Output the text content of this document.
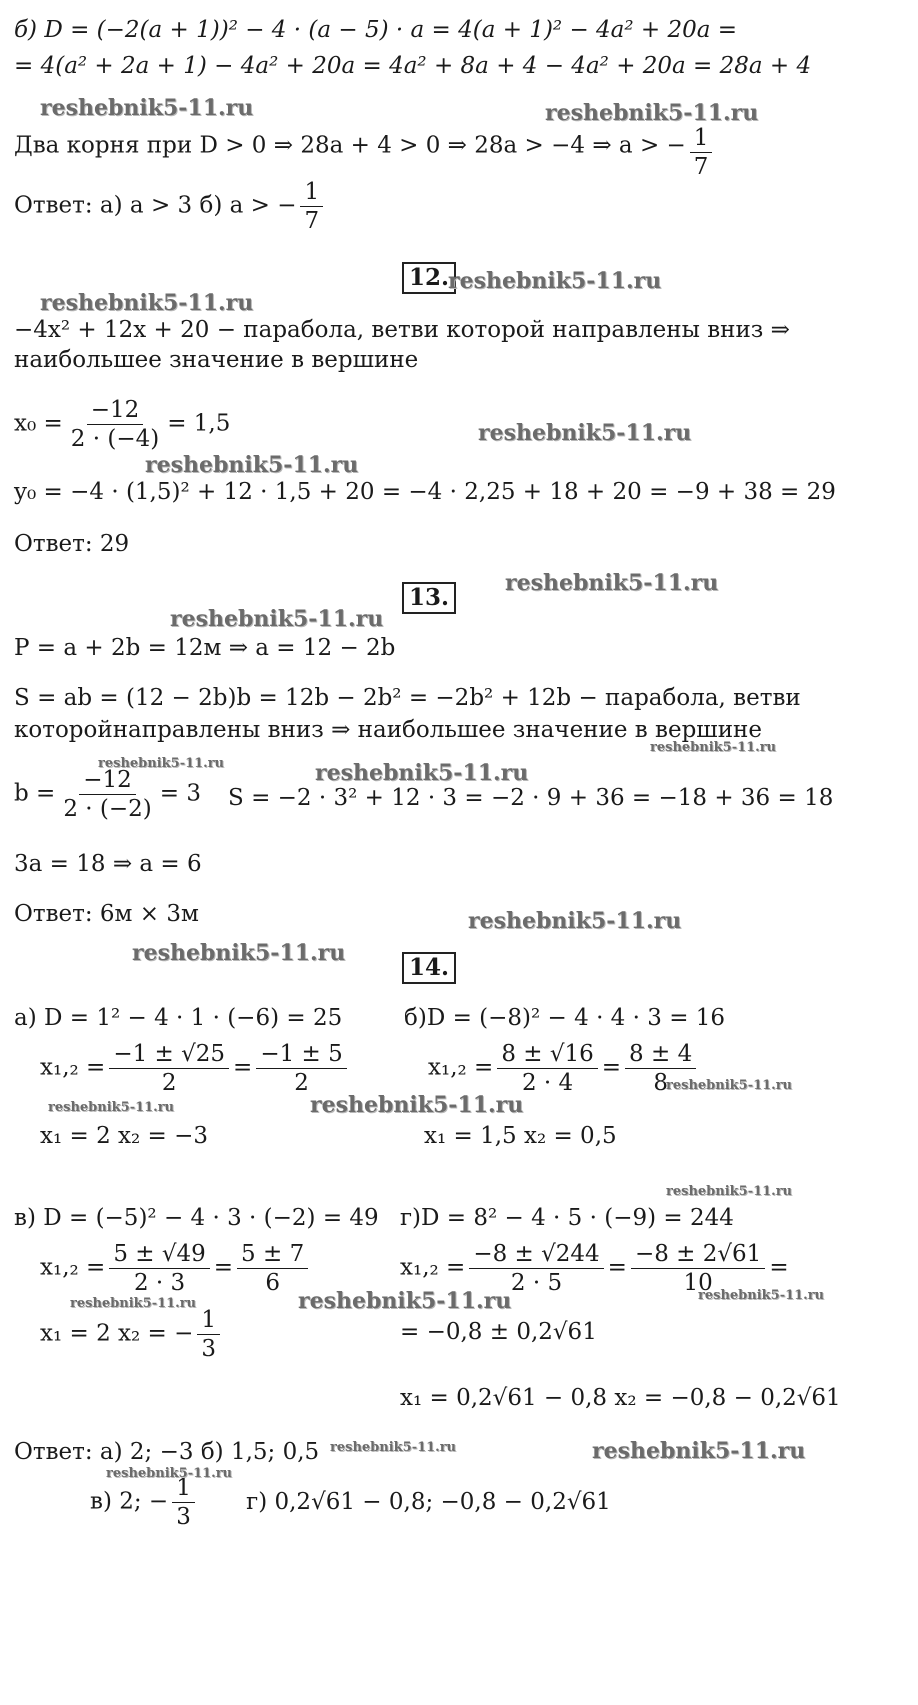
б) D = (−2(a + 1))² − 4 · (a − 5) · a = 4(a + 1)² − 4a² + 20a =
= 4(a² + 2a + 1) − 4a² + 20a = 4a² + 8a + 4 − 4a² + 20a = 28a + 4
Два корня при D > 0 ⇒ 28a + 4 > 0 ⇒ 28a > −4 ⇒ a > − $\frac{1}{7}$
Ответ: а) a > 3 б) a > − $\frac{1}{7}$
12.
−4x² + 12x + 20 − парабола, ветви которой направлены вниз ⇒
наибольшее значение в вершине
$x_0 = \frac{-12}{2 \cdot (-4)} = 1,5$
y₀ = −4 · (1,5)² + 12 · 1,5 + 20 = −4 · 2,25 + 18 + 20 = −9 + 38 = 29
Ответ: 29
13.
P = a + 2b = 12м ⇒ a = 12 − 2b
S = ab = (12 − 2b)b = 12b − 2b² = −2b² + 12b − парабола, ветви
которойнаправлены вниз ⇒ наибольшее значение в вершине
$b = \frac{-12}{2 \cdot (-2)} = 3$ S = −2 · 3² + 12 · 3 = −2 · 9 + 36 = −18 + 36 = 18
3a = 18 ⇒ a = 6
Ответ: 6м × 3м
14.
а) D = 1² − 4 · 1 · (−6) = 25
$x_1,_2 = \frac{-1 \pm √25}{2} = \frac{-1 \pm 5}{2}$
x₁ = 2 x₂ = −3
б)D = (−8)² − 4 · 4 · 3 = 16
$x_1,_2 = \frac{8 \pm √16}{2 \cdot 4} = \frac{8 \pm 4}{8}$
x₁ = 1,5 x₂ = 0,5
в) D = (−5)² − 4 · 3 · (−2) = 49
$x_1,_2 = \frac{5 \pm √49}{2 \cdot 3} = \frac{5 \pm 7}{6}$
x₁ = 2 x₂ = − $\frac{1}{3}$
г)D = 8² − 4 · 5 · (−9) = 244
$x_1,_2 = \frac{-8 \pm √244}{2 \cdot 5} = \frac{-8 \pm 2√61}{10}$ =
= −0,8 ± 0,2√61
x₁ = 0,2√61 − 0,8 x₂ = −0,8 − 0,2√61
Ответ: а) 2; −3 б) 1,5; 0,5
в) 2; − $\frac{1}{3} г$) 0,2√61 − 0,8; −0,8 − 0,2√61
reshebnik5-11.ru	reshebnik5-11.ru
reshebnik5-11.ru
reshebnik5-11.ru
reshebnik5-11.ru
reshebnik5-11.ru
reshebnik5-11.ru
reshebnik5-11.ru
reshebnik5-11.ru
reshebnik5-11.ru	reshebnik5-11.ru
reshebnik5-11.ru
reshebnik5-11.ru
reshebnik5-11.ru
reshebnik5-11.ru	reshebnik5-11.ru
reshebnik5-11.ru
reshebnik5-11.ru
reshebnik5-11.ru	reshebnik5-11.ru
reshebnik5-11.ru	reshebnik5-11.ru
reshebnik5-11.ru
